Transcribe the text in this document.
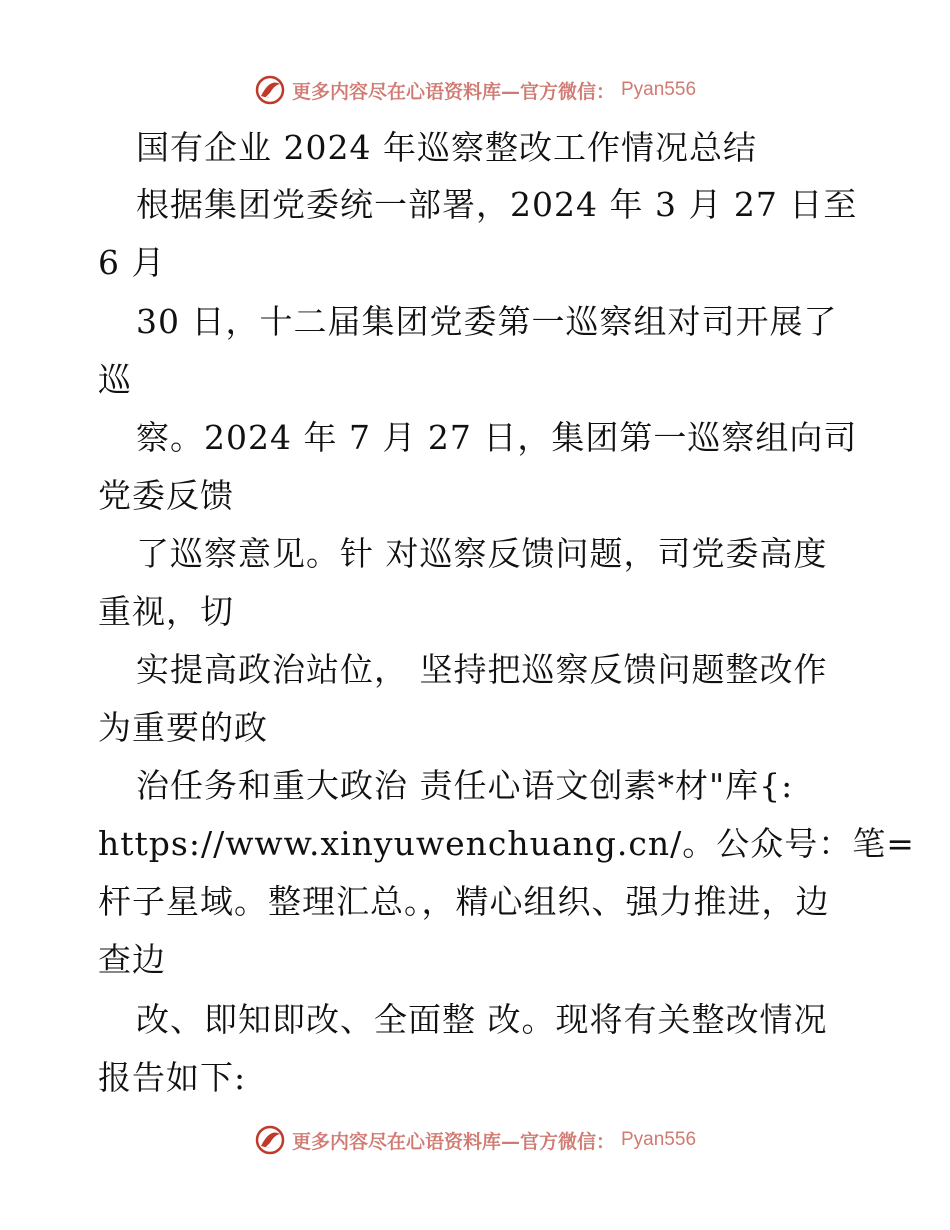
更多内容尽在心语资料库—官方微信： Pyan556
国有企业 2024 年巡察整改工作情况总结
根据集团党委统一部署，2024 年 3 月 27 日至
6 月
30 日，十二届集团党委第一巡察组对司开展了
巡
察。2024 年 7 月 27 日，集团第一巡察组向司
党委反馈
了巡察意见。针 对巡察反馈问题，司党委高度
重视，切
实提高政治站位， 坚持把巡察反馈问题整改作
为重要的政
治任务和重大政治 责任心语文创素*材"库{:
https://www.xinyuwenchuang.cn/。公众号：笔=
杆子星域。整理汇总。，精心组织、强力推进，边
查边
改、即知即改、全面整 改。现将有关整改情况
报告如下:
更多内容尽在心语资料库—官方微信： Pyan556
